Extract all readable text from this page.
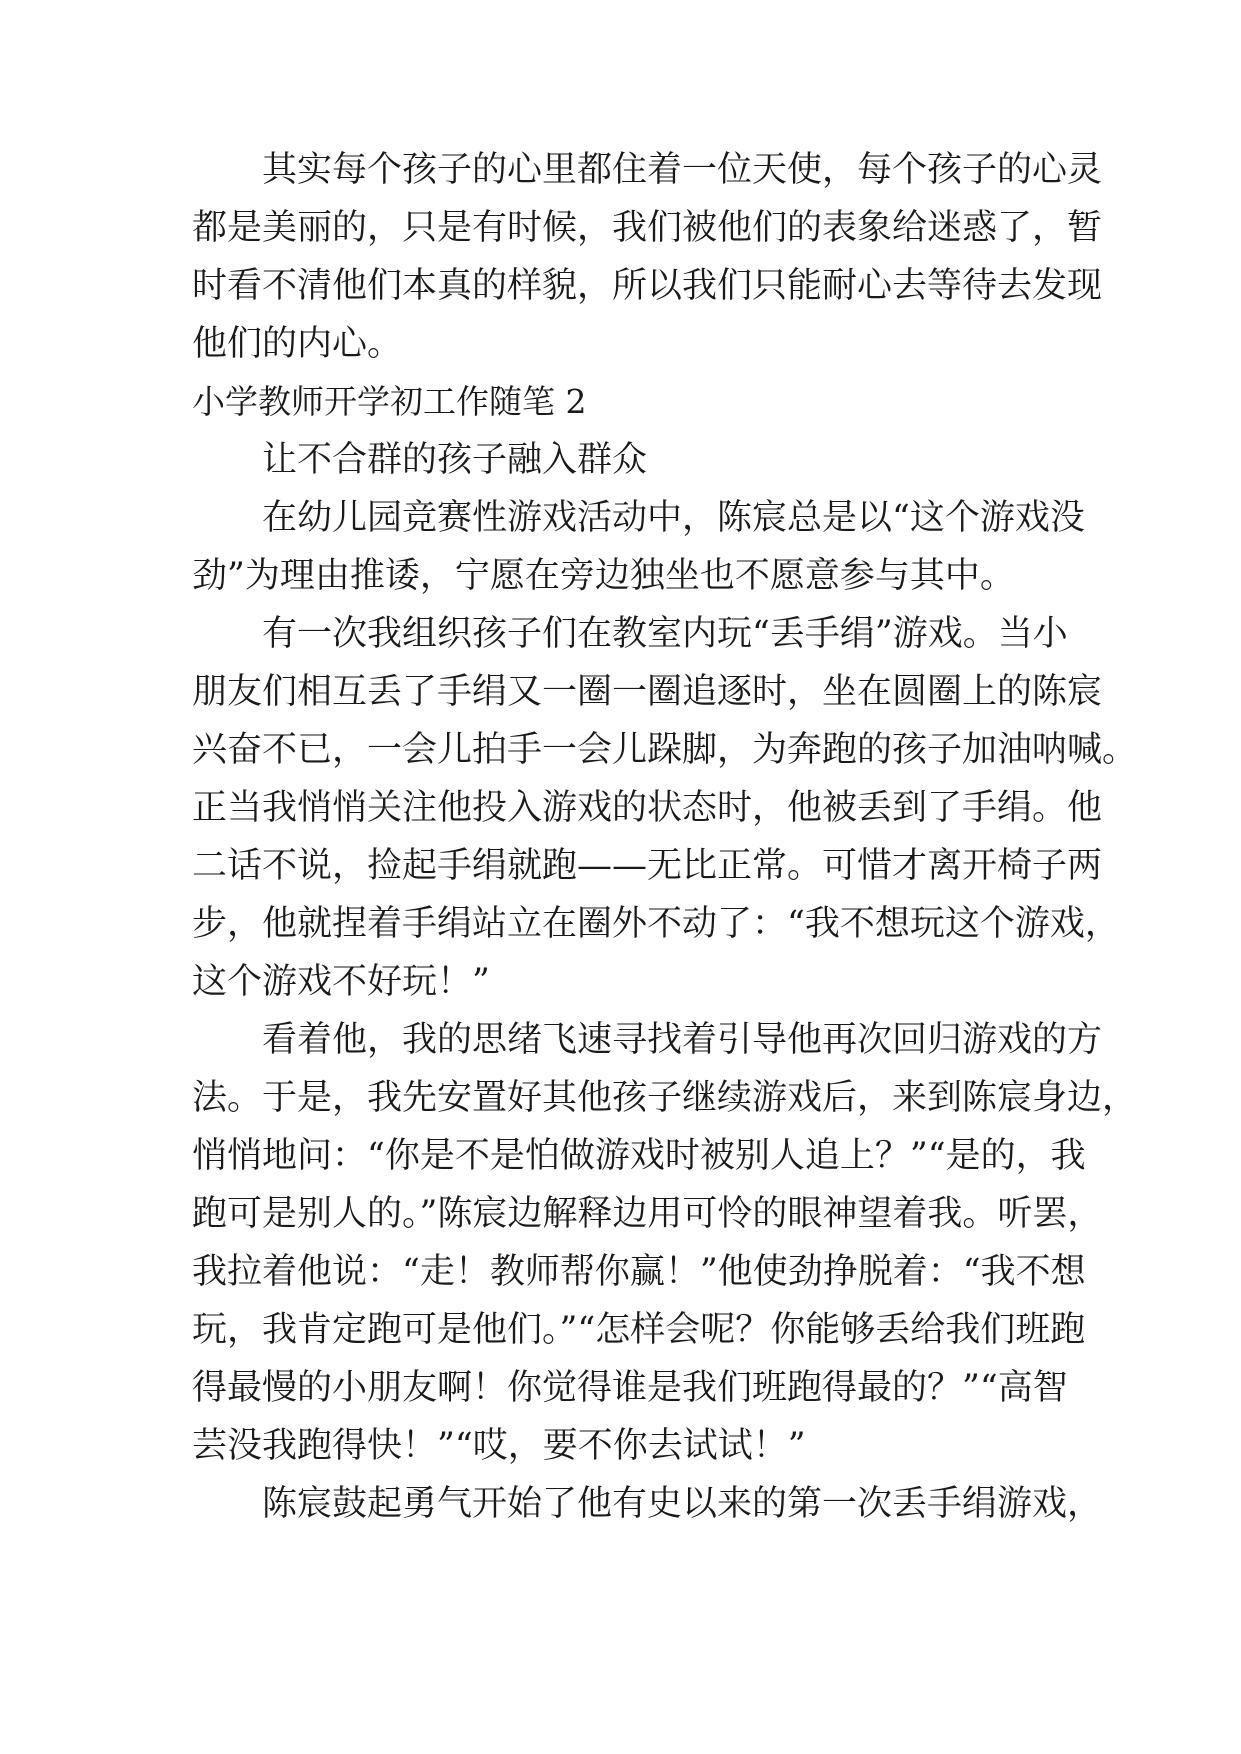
其实每个孩子的心里都住着一位天使，每个孩子的心灵
都是美丽的，只是有时候，我们被他们的表象给迷惑了，暂
时看不清他们本真的样貌，所以我们只能耐心去等待去发现
他们的内心。
小学教师开学初工作随笔 2
让不合群的孩子融入群众
在幼儿园竞赛性游戏活动中，陈宸总是以“这个游戏没
劲”为理由推诿，宁愿在旁边独坐也不愿意参与其中。
有一次我组织孩子们在教室内玩“丢手绢”游戏。当小
朋友们相互丢了手绢又一圈一圈追逐时，坐在圆圈上的陈宸
兴奋不已，一会儿拍手一会儿跺脚，为奔跑的孩子加油呐喊。
正当我悄悄关注他投入游戏的状态时，他被丢到了手绢。他
二话不说，捡起手绢就跑——无比正常。可惜才离开椅子两
步，他就捏着手绢站立在圈外不动了：“我不想玩这个游戏，
这个游戏不好玩！”
看着他，我的思绪飞速寻找着引导他再次回归游戏的方
法。于是，我先安置好其他孩子继续游戏后，来到陈宸身边，
悄悄地问：“你是不是怕做游戏时被别人追上？”“是的，我
跑可是别人的。”陈宸边解释边用可怜的眼神望着我。听罢，
我拉着他说：“走！教师帮你赢！”他使劲挣脱着：“我不想
玩，我肯定跑可是他们。”“怎样会呢？你能够丢给我们班跑
得最慢的小朋友啊！你觉得谁是我们班跑得最的？”“高智
芸没我跑得快！”“哎，要不你去试试！”
陈宸鼓起勇气开始了他有史以来的第一次丢手绢游戏，
